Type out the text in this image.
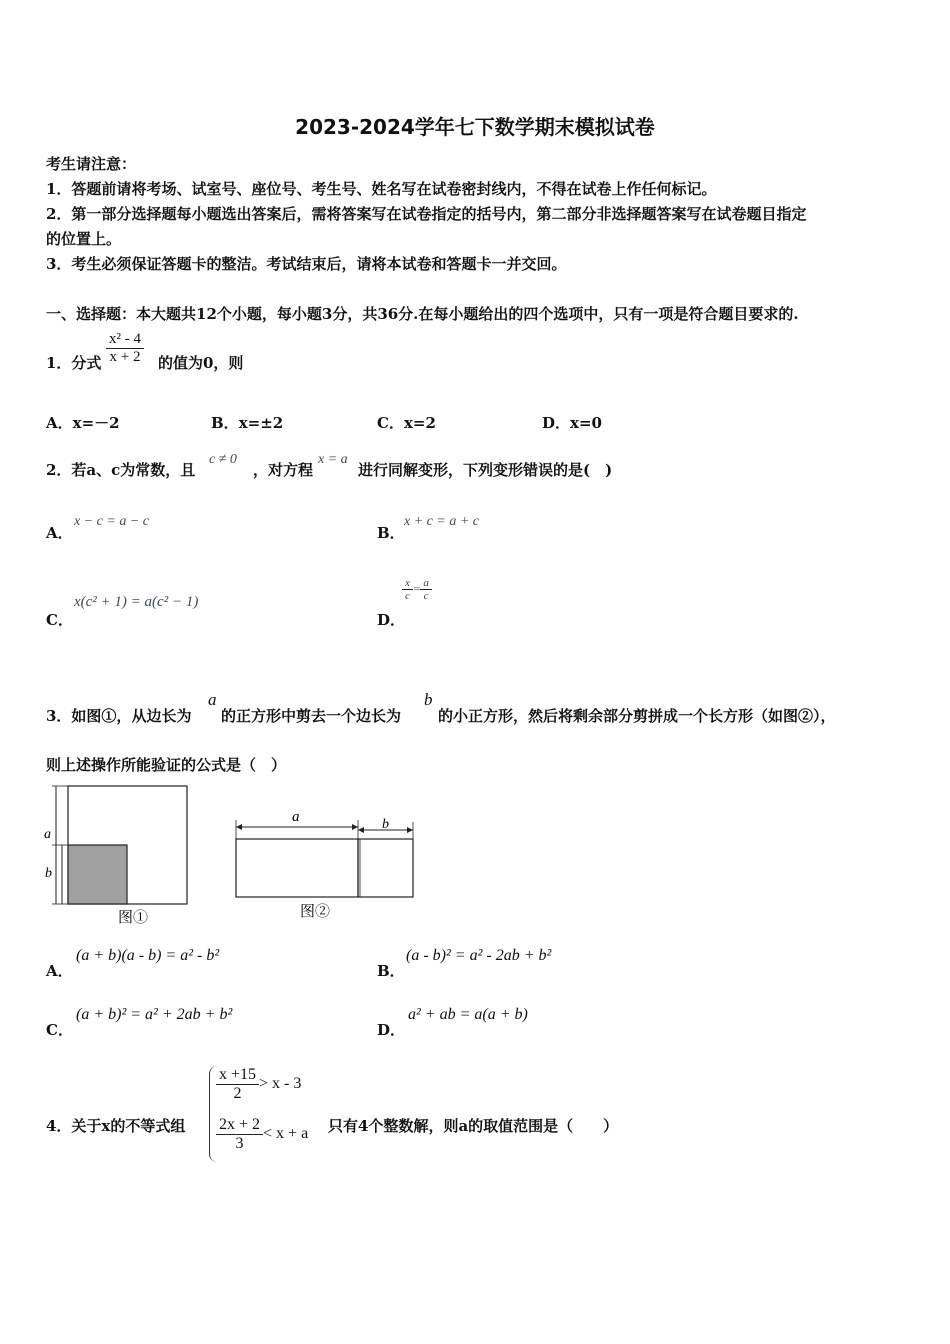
2023-2024学年七下数学期末模拟试卷
考生请注意：
1．答题前请将考场、试室号、座位号、考生号、姓名写在试卷密封线内，不得在试卷上作任何标记。
2．第一部分选择题每小题选出答案后，需将答案写在试卷指定的括号内，第二部分非选择题答案写在试卷题目指定
的位置上。
3．考生必须保证答题卡的整洁。考试结束后，请将本试卷和答题卡一并交回。
一、选择题：本大题共12个小题，每小题3分，共36分.在每小题给出的四个选项中，只有一项是符合题目要求的.
1．分式 $\frac{\text{x² - 4}}{x + 2}$ 的值为0，则
A．x=－2	B．x=±2	C．x=2	D．x=0
2．若a、c为常数，且
c ≠ 0
，对方程
x = a
进行同解变形，下列变形错误的是(　)
A．
x − c = a − c
B．
x + c = a + c
C．
x(c² + 1) = a(c² − 1)
D．
$\frac{x}{c} = \frac{a}{c}$
3．如图①，从边长为
a
的正方形中剪去一个边长为
b
的小正方形，然后将剩余部分剪拼成一个长方形（如图②），
则上述操作所能验证的公式是（　）
a
b
图①
a	b
图②
A．
(a + b)(a - b) = a² - b²
B．
(a - b)² = a² - 2ab + b²
C．
(a + b)² = a² + 2ab + b²
D．
a² + ab = a(a + b)
4．关于x的不等式组
$\frac{x +15}{2} > x - 3$
$\frac{2x + 2}{3} < x + a$ 只有4个整数解，则a的取值范围是（　　）
